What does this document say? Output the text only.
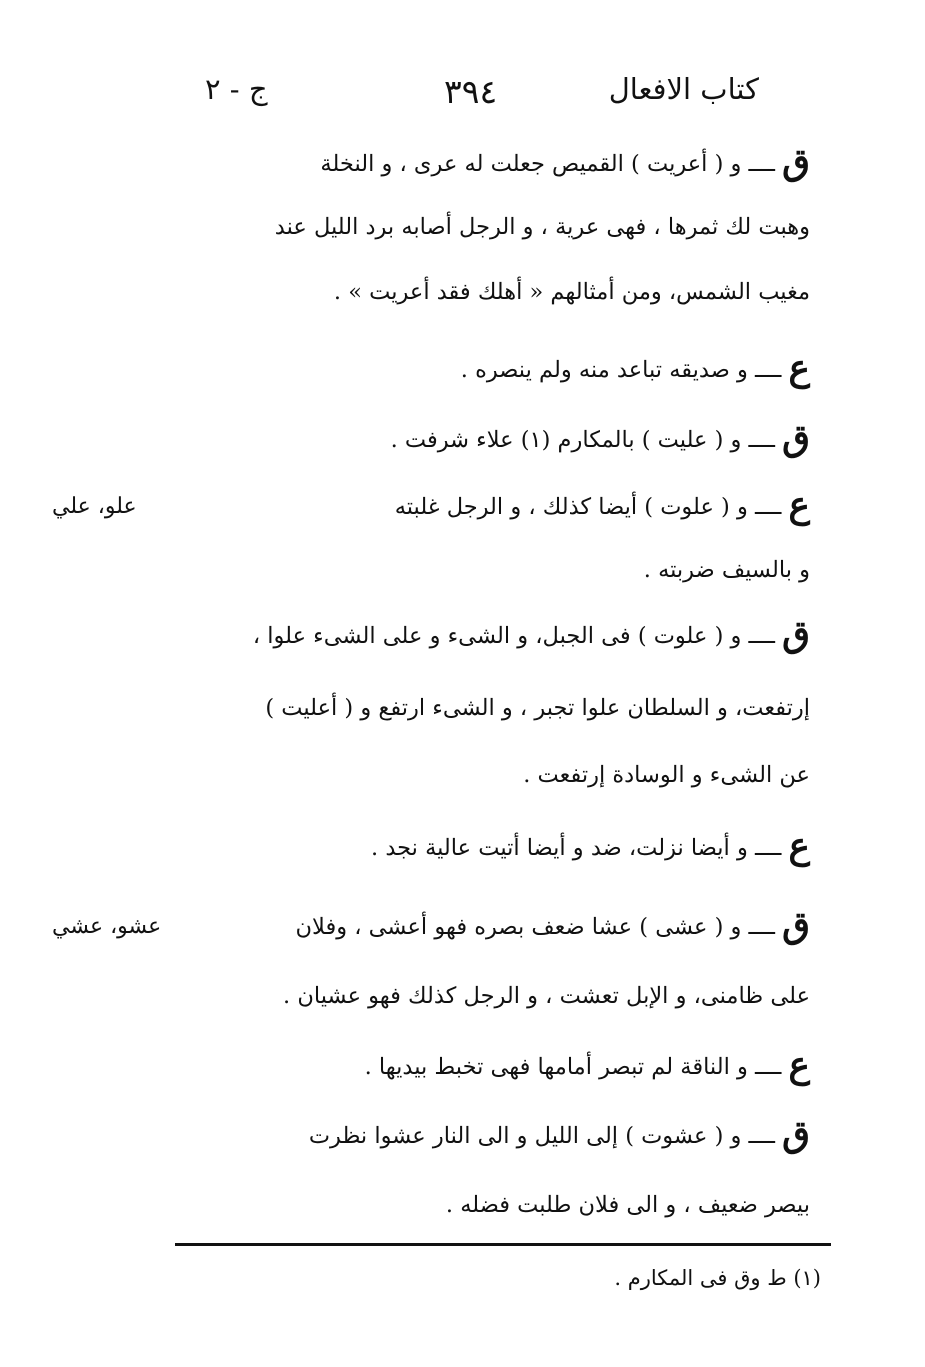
كتاب الافعال
٣٩٤
ج - ٢
ق ــــ و ( أعريت ) القميص جعلت له عرى ، و النخلة
وهبت لك ثمرها ، فهى عرية ، و الرجل أصابه برد الليل عند
مغيب الشمس، ومن أمثالهم « أهلك فقد أعريت » .
ع ــــ و صديقه تباعد منه ولم ينصره .
ق ــــ و ( عليت ) بالمكارم (١) علاء شرفت .
ع ــــ و ( علوت ) أيضا كذلك ، و الرجل غلبته
و بالسيف ضربته .
ق ــــ و ( علوت ) فى الجبل، و الشىء و على الشىء علوا ،
إرتفعت، و السلطان علوا تجبر ، و الشىء ارتفع و ( أعليت )
عن الشىء و الوسادة إرتفعت .
ع ــــ و أيضا نزلت، ضد و أيضا أتيت عالية نجد .
ق ــــ و ( عشى ) عشا ضعف بصره فهو أعشى ، وفلان
على ظامنى، و الإبل تعشت ، و الرجل كذلك فهو عشيان .
ع ــــ و الناقة لم تبصر أمامها فهى تخبط بيديها .
ق ــــ و ( عشوت ) إلى الليل و الى النار عشوا نظرت
بيصر ضعيف ، و الى فلان طلبت فضله .
علو، علي
عشو، عشي
(١) ط وق فى المكارم .
